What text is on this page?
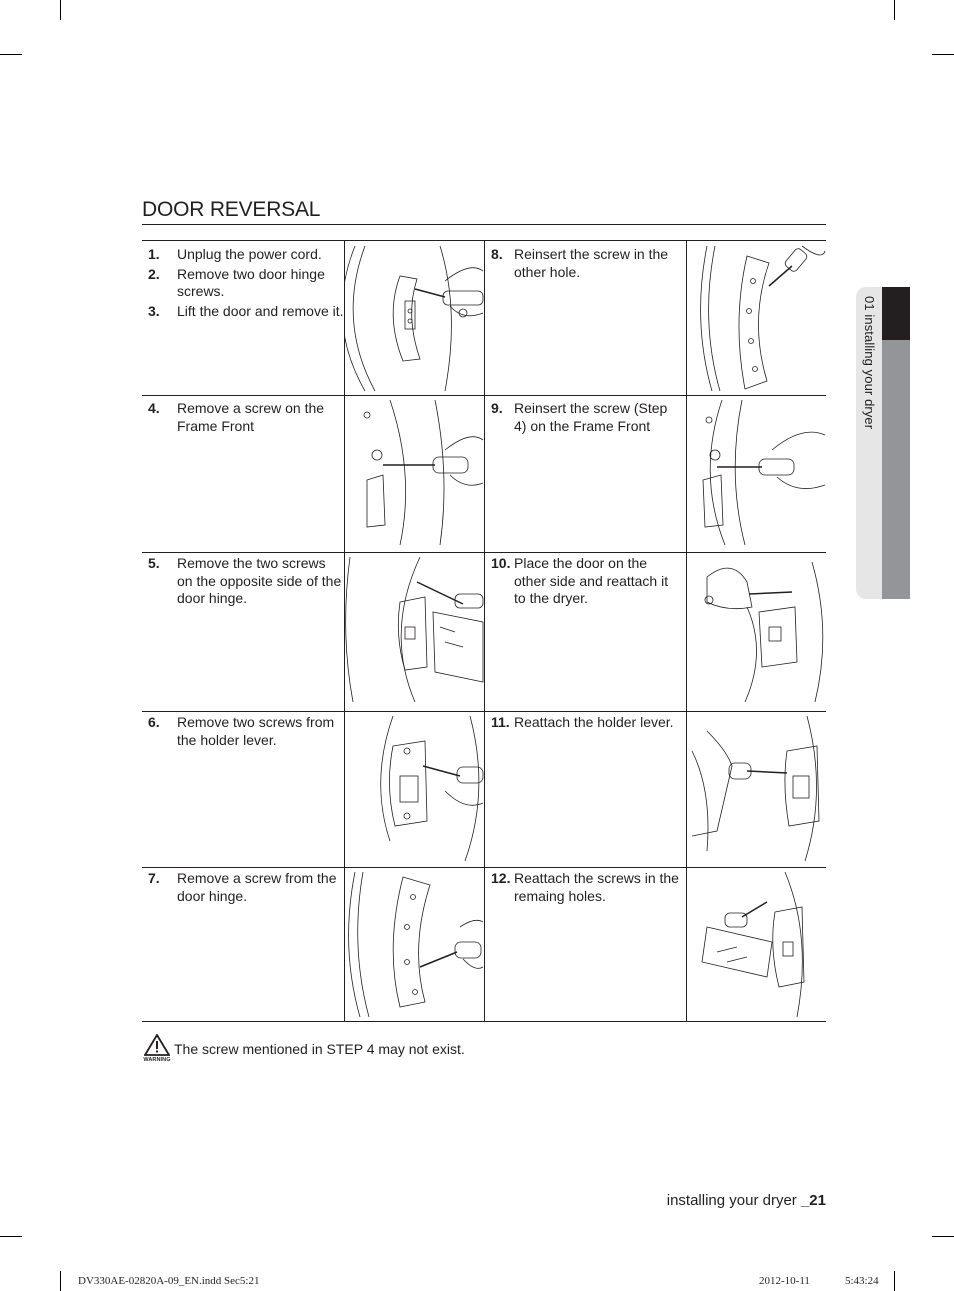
DOOR REVERSAL
1.	Unplug the power cord.
2.	Remove two door hinge screws.
3.	Lift the door and remove it.
8. Reinsert the screw in the other hole.
4.	Remove a screw on the Frame Front
9. Reinsert the screw (Step 4) on the Frame Front
5.	Remove the two screws on the opposite side of the door hinge.
10. Place the door on the other side and reattach it to the dryer.
6.	Remove two screws from the holder lever.
11. Reattach the holder lever.
7.	Remove a screw from the door hinge.
12. Reattach the screws in the remaing holes.
WARNING
The screw mentioned in STEP 4 may not exist.
01 installing your dryer
installing your dryer _21
DV330AE-02820A-09_EN.indd Sec5:21	2012-10-11	5:43:24
